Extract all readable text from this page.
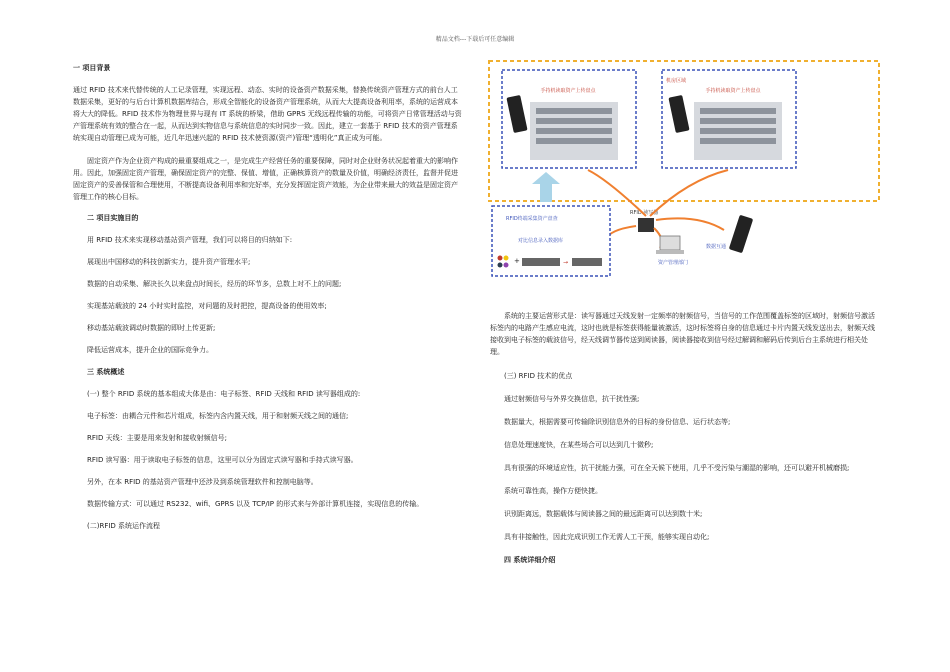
精品文档---下载后可任意编辑

一 项目背景

通过 RFID 技术来代替传统的人工记录管理，实现远程、动态、实时的设备资产数据采集，替换传统资产管理方式的前台人工数据采集，更好的与后台计算机数据库结合，形成全智能化的设备资产管理系统，从而大大提高设备利用率，系统的运营成本将大大的降低。RFID 技术作为物理世界与现有 IT 系统的桥梁，借助 GPRS 无线远程传输的功能，可将资产日常管理活动与资产管理系统有效的整合在一起，从而达到实物信息与系统信息的实时同步一致。因此，建立一套基于 RFID 技术的资产管理系统实现自动管理已成为可能，近几年迅速兴起的 RFID 技术使资源(资产)管理“透明化”真正成为可能。

固定资产作为企业资产构成的最重要组成之一，是完成生产经营任务的重要保障，同时对企业财务状况起着重大的影响作用。因此，加强固定资产管理，确保固定资产的完整、保值、增值，正确核算资产的数量及价值，明确经济责任，监督并促进固定资产的妥善保管和合理使用，不断提高设备利用率和完好率，充分发挥固定资产效能，为企业带来最大的效益是固定资产管理工作的核心目标。

二 项目实施目的

用 RFID 技术来实现移动基站资产管理，我们可以将目的归纳如下:

展现出中国移动的科技创新实力，提升资产管理水平;

数据的自动采集、解决长久以来盘点时间长，经历的环节多，总数上对不上的问题;

实现基站载波的 24 小时实时监控，对问题的及时把控，提高设备的使用效率;

移动基站载波调动时数据的即时上传更新;

降低运营成本，提升企业的国际竞争力。

三 系统概述

(一) 整个 RFID 系统的基本组成大体是由：电子标签、RFID 天线和 RFID 读写器组成的:

电子标签：由耦合元件和芯片组成，标签内含内置天线，用于和射频天线之间的通信;

RFID 天线：主要是用来发射和接收射频信号;

RFID 读写器：用于读取电子标签的信息，这里可以分为固定式读写器和手持式读写器。

另外，在本 RFID 的基站资产管理中还涉及到系统管理软件和控制电脑等。

数据传输方式：可以通过 RS232、wifi、GPRS 以及 TCP/IP 的形式来与外部计算机连接，实现信息的传输。

(二)RFID 系统运作流程

手持机读取资产上传盘点
机房区域
手持机读取资产上传盘点
RFID 读写器
RFID终端采集资产盘查
对比信息录入数据库
+	→	资产管理部门
数据互通

系统的主要运营形式是：读写器通过天线发射一定频率的射频信号，当信号的工作范围覆盖标签的区域时，射频信号激活标签内的电路产生感应电流，这时也就是标签获得能量被激活，这时标签将自身的信息通过卡片内置天线发送出去，射频天线接收到电子标签的载波信号，经天线调节器传送到阅读器，阅读器接收到信号经过解调和解码后传到后台主系统进行相关处理。

(三) RFID 技术的优点

通过射频信号与外界交换信息，抗干扰性强;

数据量大，根据需要可传输除识别信息外的目标的身份信息、运行状态等;

信息处理速度快，在某些场合可以达到几十微秒;

具有很强的环境适应性，抗干扰能力强，可在全天候下使用，几乎不受污染与潮湿的影响，还可以避开机械磨损;

系统可靠性高，操作方便快捷。

识别距离远，数据载体与阅读器之间的最远距离可以达到数十米;

具有非接触性，因此完成识别工作无需人工干预，能够实现自动化;

四 系统详细介绍
